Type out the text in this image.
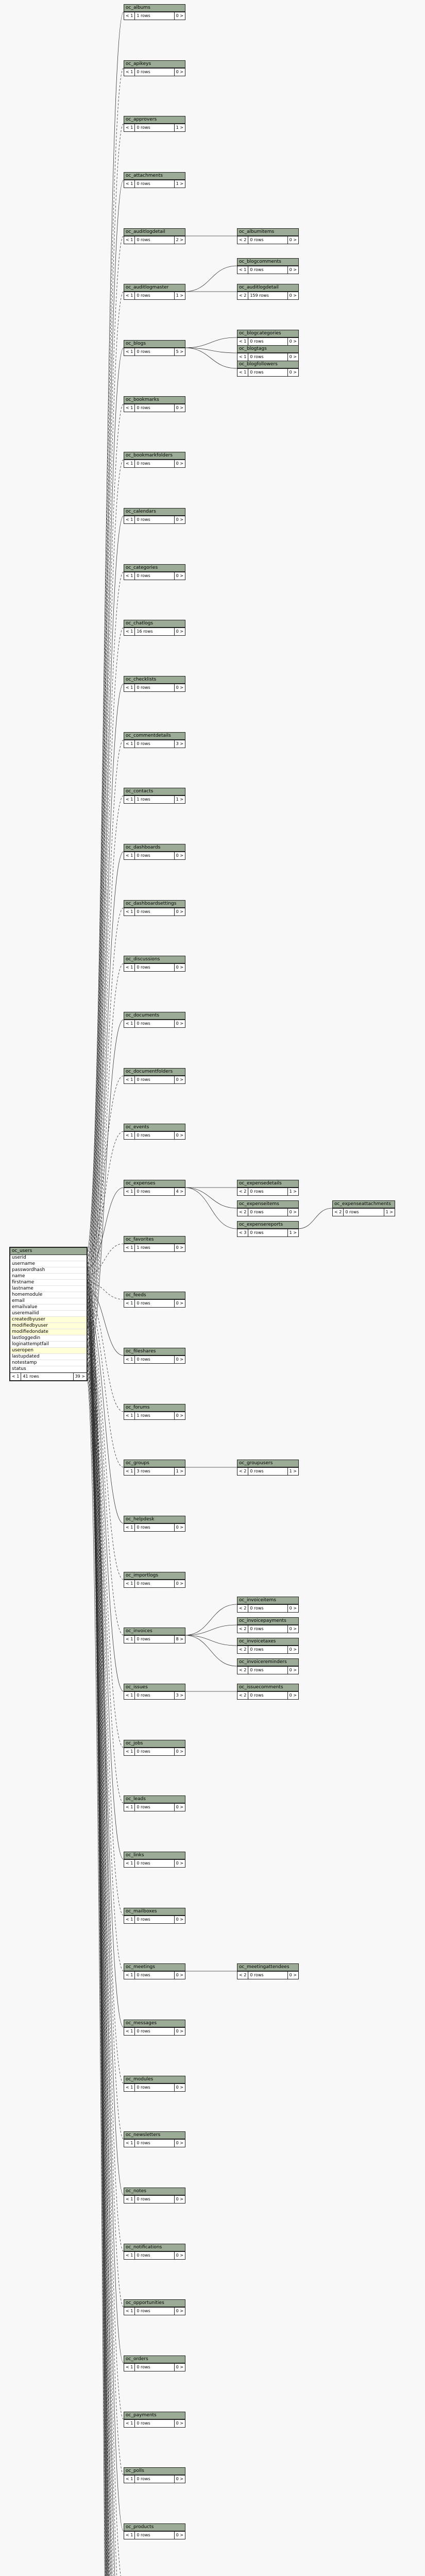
oc_users
userid
username
passwordhash
name
firstname
lastname
homemodule
email
emailvalue
useremailid
createdbyuser
modifiedbyuser
modifiedondate
lastloggedin
loginattemptfail
useropen
lastupdated
notestamp
status
< 1 41 rows	39 >
oc_albums
< 1 1 rows	0 >
oc_apikeys
< 1 0 rows	0 >
oc_approvers
< 1 0 rows	1 >
oc_attachments
< 1 0 rows	1 >
oc_auditlogdetail
< 1 0 rows	2 >
oc_auditlogmaster
< 1 0 rows	1 >
oc_blogs
< 1 0 rows	5 >
oc_bookmarks
< 1 0 rows	0 >
oc_bookmarkfolders
< 1 0 rows	0 >
oc_calendars
< 1 0 rows	0 >
oc_categories
< 1 0 rows	0 >
oc_chatlogs
< 1 16 rows	0 >
oc_checklists
< 1 0 rows	0 >
oc_commentdetails
< 1 0 rows	3 >
oc_contacts
< 1 1 rows	1 >
oc_dashboards
< 1 0 rows	0 >
oc_dashboardsettings
< 1 0 rows	0 >
oc_discussions
< 1 0 rows	0 >
oc_documents
< 1 0 rows	0 >
oc_documentfolders
< 1 0 rows	0 >
oc_events
< 1 0 rows	0 >
oc_expenses
< 1 0 rows	4 >
oc_favorites
< 1 1 rows	0 >
oc_feeds
< 1 0 rows	0 >
oc_fileshares
< 1 0 rows	0 >
oc_forums
< 1 1 rows	0 >
oc_groups
< 1 3 rows	1 >
oc_helpdesk
< 1 0 rows	0 >
oc_importlogs
< 1 0 rows	0 >
oc_invoices
< 1 0 rows	8 >
oc_issues
< 1 0 rows	3 >
oc_jobs
< 1 0 rows	0 >
oc_leads
< 1 0 rows	0 >
oc_links
< 1 0 rows	0 >
oc_mailboxes
< 1 0 rows	0 >
oc_meetings
< 1 0 rows	0 >
oc_messages
< 1 0 rows	0 >
oc_modules
< 1 0 rows	0 >
oc_newsletters
< 1 0 rows	0 >
oc_notes
< 1 0 rows	0 >
oc_notifications
< 1 0 rows	0 >
oc_opportunities
< 1 0 rows	0 >
oc_orders
< 1 0 rows	0 >
oc_payments
< 1 0 rows	0 >
oc_polls
< 1 0 rows	0 >
oc_products
< 1 0 rows	0 >
oc_albumitems
< 2 0 rows	0 >
oc_auditlogdetail
< 2 159 rows	0 >
oc_blogcomments
< 1 0 rows	0 >
oc_blogcategories
< 1 0 rows	0 >
oc_blogtags
< 1 0 rows	0 >
oc_blogfollowers
< 1 0 rows	0 >
oc_expensedetails
< 2 0 rows	1 >
oc_expenseitems
< 2 0 rows	0 >
oc_expensereports
< 3 0 rows	1 >
oc_groupusers
< 2 0 rows	1 >
oc_invoiceitems
< 2 0 rows	0 >
oc_invoicepayments
< 2 0 rows	0 >
oc_invoicetaxes
< 2 0 rows	0 >
oc_invoicereminders
< 2 0 rows	0 >
oc_issuecomments
< 2 0 rows	0 >
oc_meetingattendees
< 2 0 rows	0 >
oc_expenseattachments
< 2 0 rows	1 >
